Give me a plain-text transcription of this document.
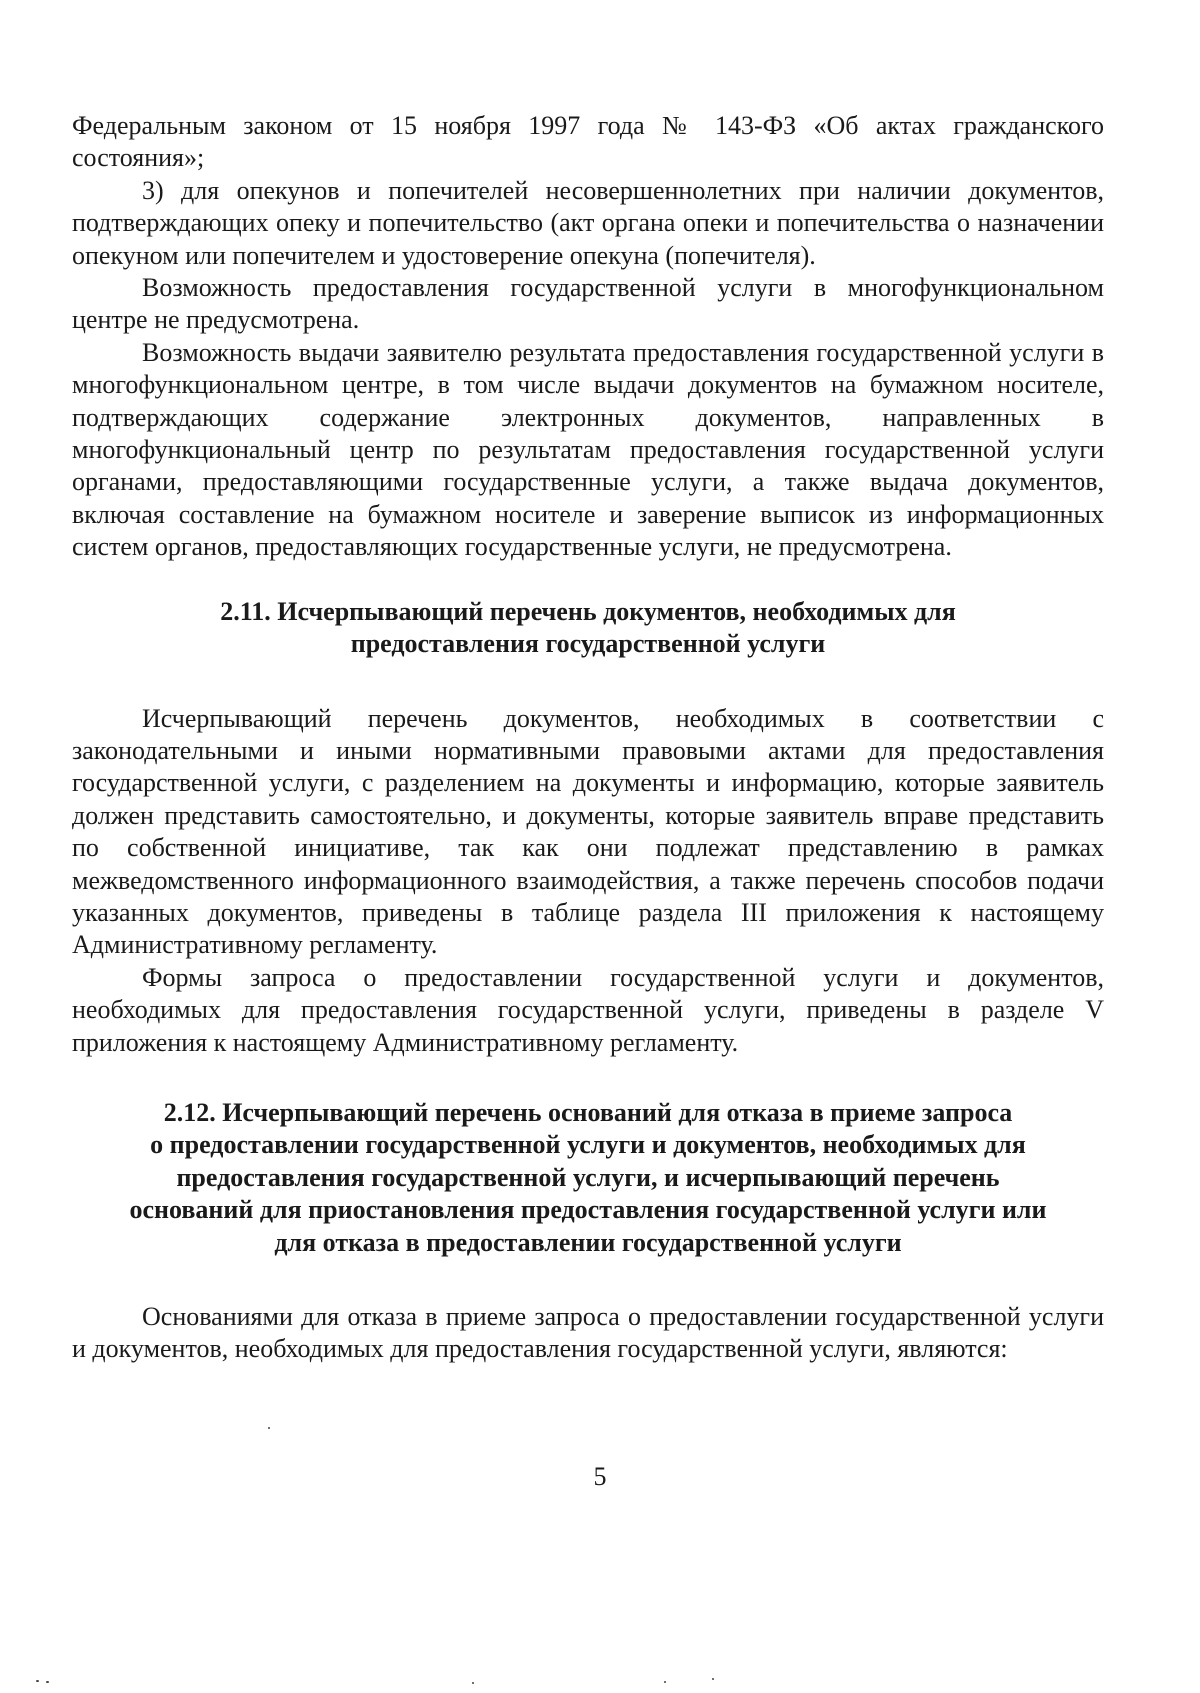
Федеральным законом от 15 ноября 1997 года № 143-ФЗ «Об актах гражданского состояния»;

3) для опекунов и попечителей несовершеннолетних при наличии документов, подтверждающих опеку и попечительство (акт органа опеки и попечительства о назначении опекуном или попечителем и удостоверение опекуна (попечителя).

Возможность предоставления государственной услуги в многофункциональном центре не предусмотрена.

Возможность выдачи заявителю результата предоставления государственной услуги в многофункциональном центре, в том числе выдачи документов на бумажном носителе, подтверждающих содержание электронных документов, направленных в многофункциональный центр по результатам предоставления государственной услуги органами, предоставляющими государственные услуги, а также выдача документов, включая составление на бумажном носителе и заверение выписок из информационных систем органов, предоставляющих государственные услуги, не предусмотрена.

2.11. Исчерпывающий перечень документов, необходимых для
предоставления государственной услуги

Исчерпывающий перечень документов, необходимых в соответствии с законодательными и иными нормативными правовыми актами для предоставления государственной услуги, с разделением на документы и информацию, которые заявитель должен представить самостоятельно, и документы, которые заявитель вправе представить по собственной инициативе, так как они подлежат представлению в рамках межведомственного информационного взаимодействия, а также перечень способов подачи указанных документов, приведены в таблице раздела III приложения к настоящему Административному регламенту.

Формы запроса о предоставлении государственной услуги и документов, необходимых для предоставления государственной услуги, приведены в разделе V приложения к настоящему Административному регламенту.

2.12. Исчерпывающий перечень оснований для отказа в приеме запроса
о предоставлении государственной услуги и документов, необходимых для
предоставления государственной услуги, и исчерпывающий перечень
оснований для приостановления предоставления государственной услуги или
для отказа в предоставлении государственной услуги

Основаниями для отказа в приеме запроса о предоставлении государственной услуги и документов, необходимых для предоставления государственной услуги, являются:

5
